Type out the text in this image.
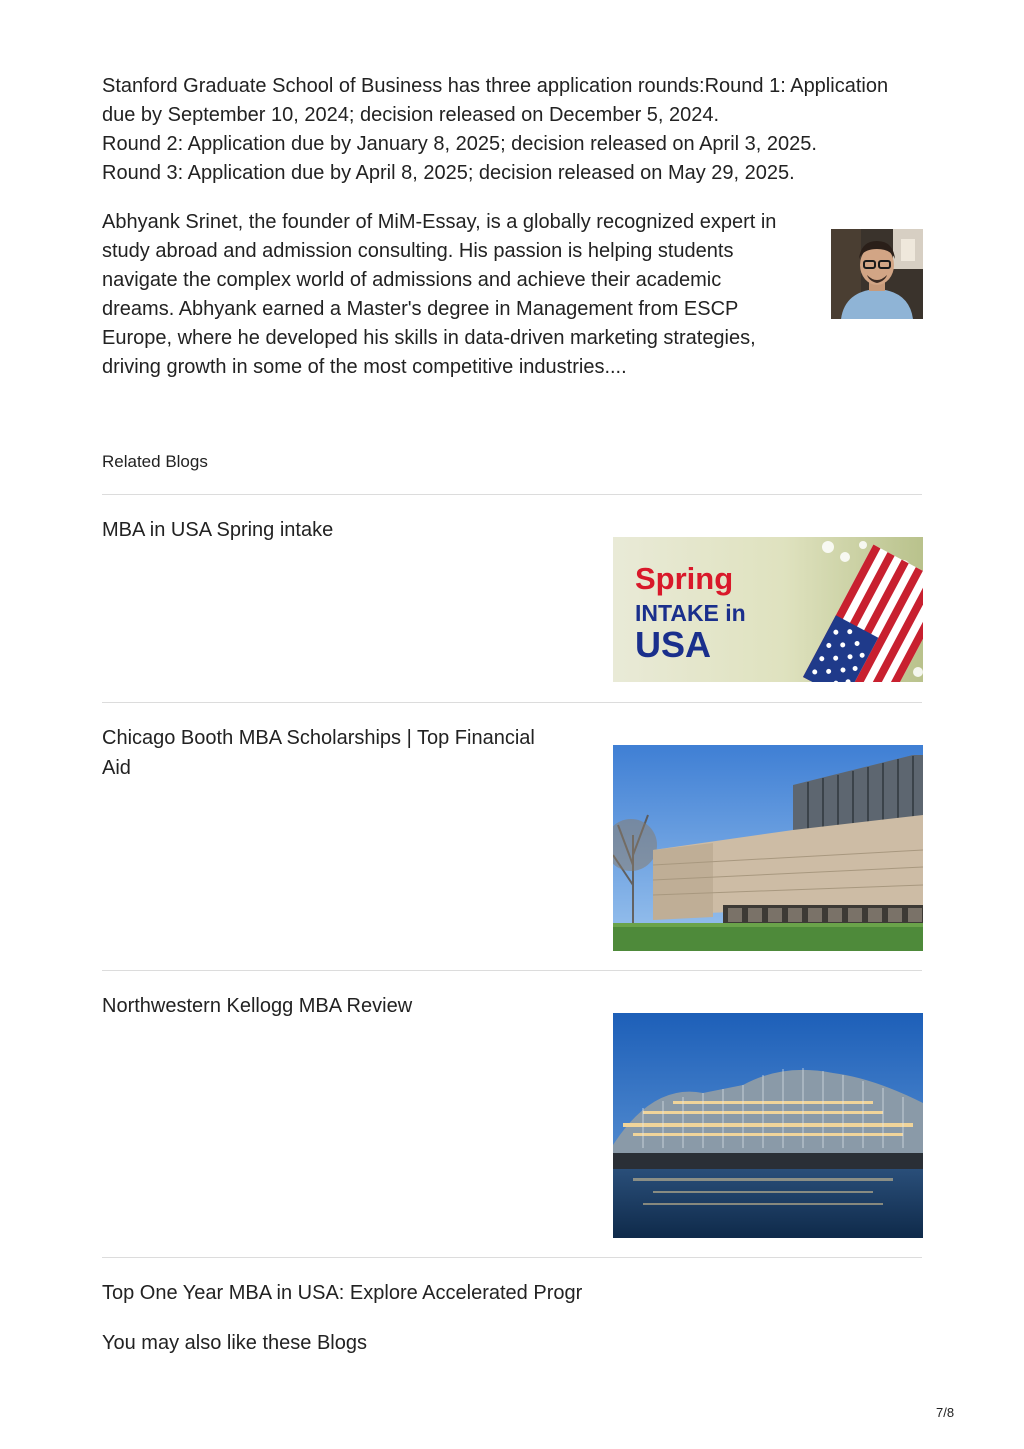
Stanford Graduate School of Business has three application rounds:Round 1: Application

due by September 10, 2024; decision released on December 5, 2024.

Round 2: Application due by January 8, 2025; decision released on April 3, 2025.

Round 3: Application due by April 8, 2025; decision released on May 29, 2025.

Abhyank Srinet, the founder of MiM-Essay, is a globally recognized expert in

study abroad and admission consulting. His passion is helping students

navigate the complex world of admissions and achieve their academic

dreams. Abhyank earned a Master's degree in Management from ESCP

Europe, where he developed his skills in data-driven marketing strategies,

driving growth in some of the most competitive industries....

Related Blogs
MBA in USA Spring intake
Spring
INTAKE in
USA
Chicago Booth MBA Scholarships | Top Financial
Aid
Northwestern Kellogg MBA Review
Top One Year MBA in USA: Explore Accelerated Progr
You may also like these Blogs
7/8
